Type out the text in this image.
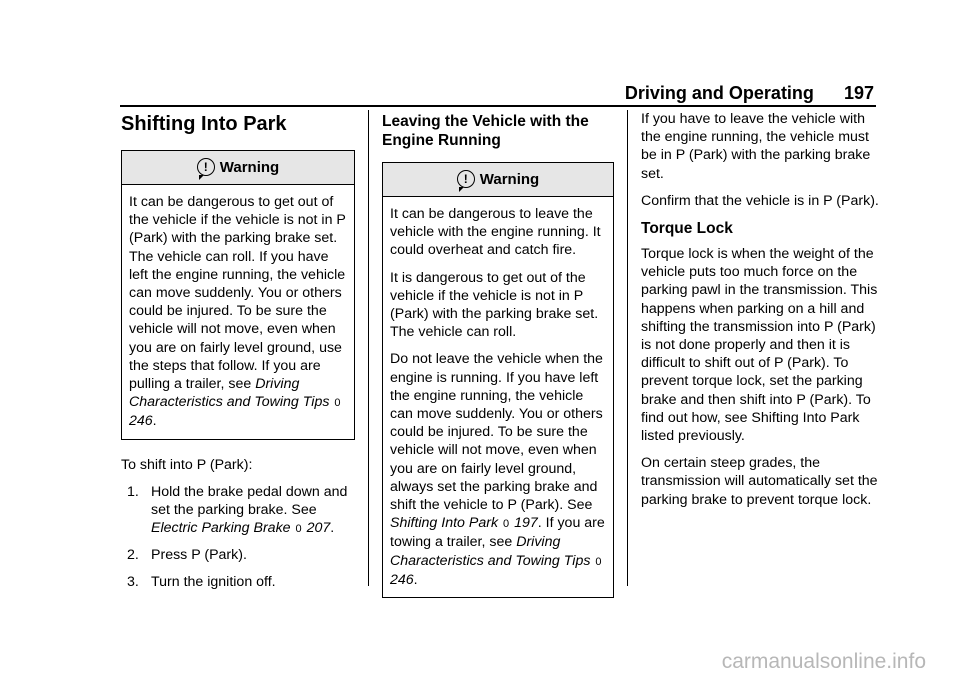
Driving and Operating 197
Shifting Into Park
! Warning

It can be dangerous to get out of the vehicle if the vehicle is not in P (Park) with the parking brake set. The vehicle can roll. If you have left the engine running, the vehicle can move suddenly. You or others could be injured. To be sure the vehicle will not move, even when you are on fairly level ground, use the steps that follow. If you are pulling a trailer, see Driving Characteristics and Towing Tips 0 246.

To shift into P (Park):

1. Hold the brake pedal down and set the parking brake. See Electric Parking Brake 0 207.
2. Press P (Park).
3. Turn the ignition off.
Leaving the Vehicle with the Engine Running
! Warning

It can be dangerous to leave the vehicle with the engine running. It could overheat and catch fire.

It is dangerous to get out of the vehicle if the vehicle is not in P (Park) with the parking brake set. The vehicle can roll.

Do not leave the vehicle when the engine is running. If you have left the engine running, the vehicle can move suddenly. You or others could be injured. To be sure the vehicle will not move, even when you are on fairly level ground, always set the parking brake and shift the vehicle to P (Park). See Shifting Into Park 0 197. If you are towing a trailer, see Driving Characteristics and Towing Tips 0 246.

If you have to leave the vehicle with the engine running, the vehicle must be in P (Park) with the parking brake set.

Confirm that the vehicle is in P (Park).

Torque Lock

Torque lock is when the weight of the vehicle puts too much force on the parking pawl in the transmission. This happens when parking on a hill and shifting the transmission into P (Park) is not done properly and then it is difficult to shift out of P (Park). To prevent torque lock, set the parking brake and then shift into P (Park). To find out how, see Shifting Into Park listed previously.

On certain steep grades, the transmission will automatically set the parking brake to prevent torque lock.

carmanualsonline.info
